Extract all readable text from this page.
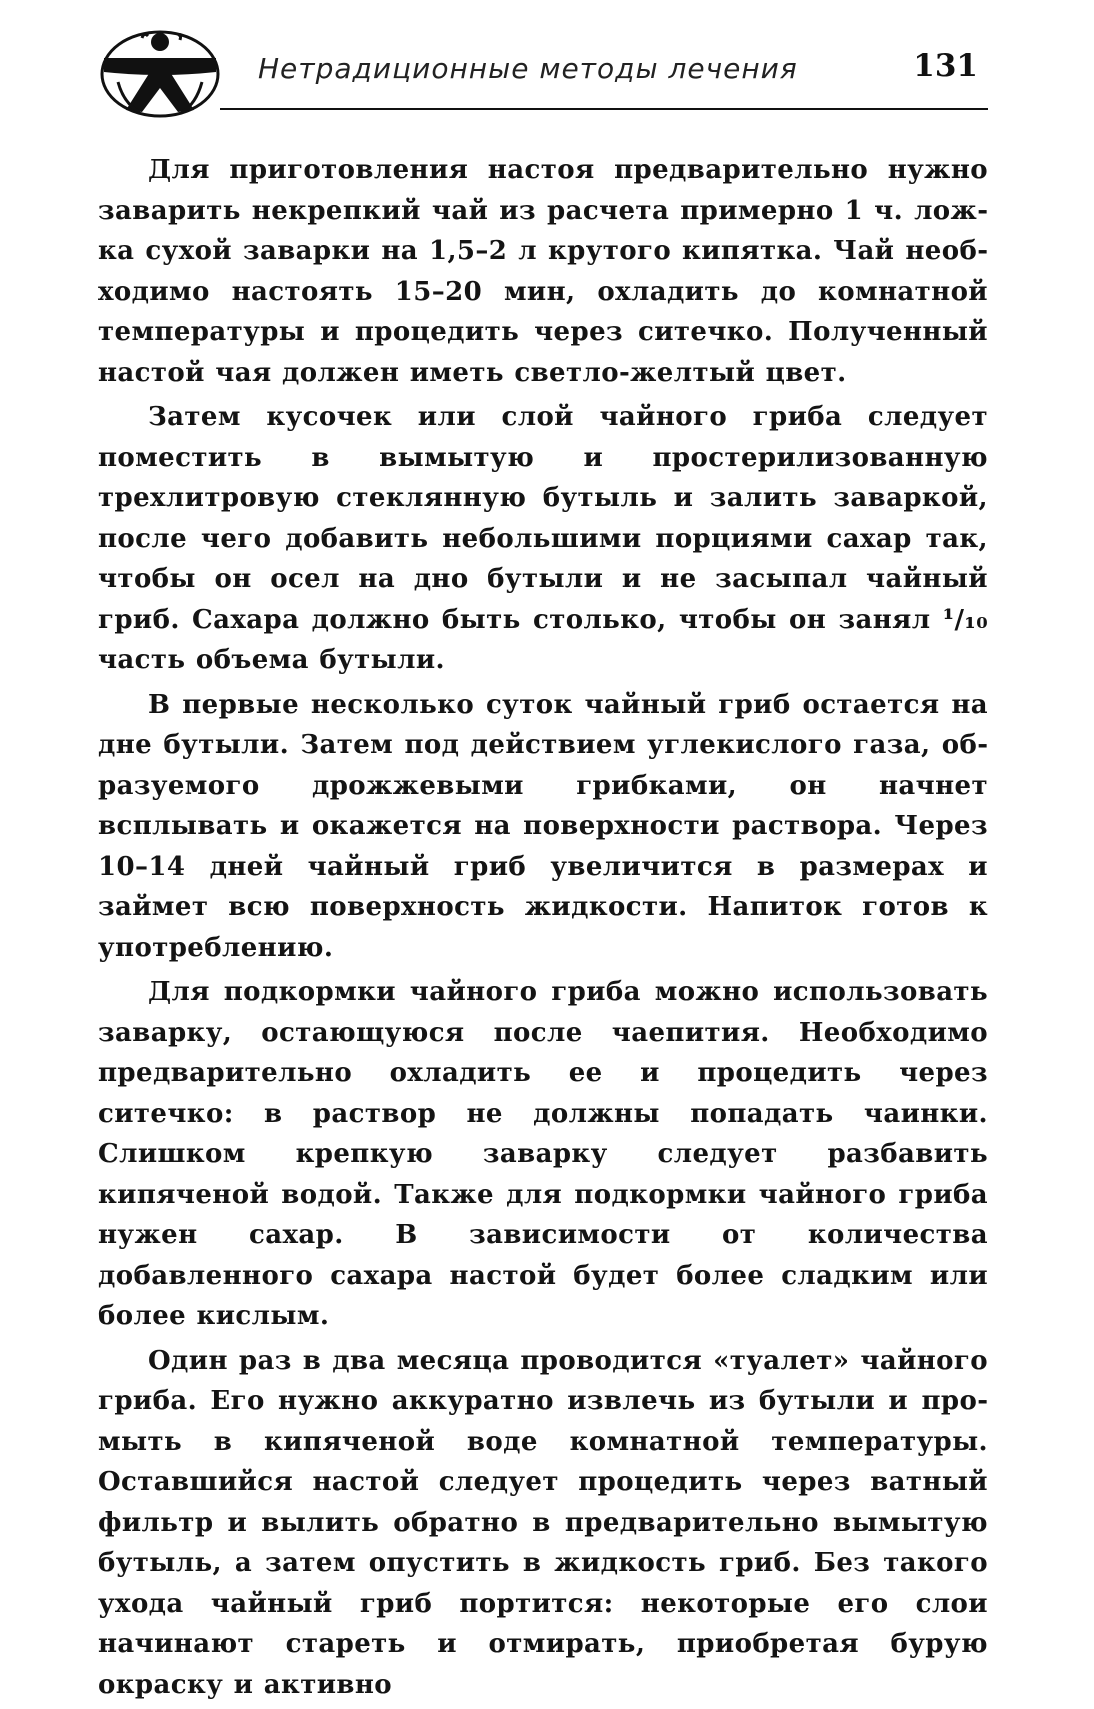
Нетрадиционные методы лечения	131

Для приготовления настоя предварительно нужно заварить некрепкий чай из расчета примерно 1 ч. ложка сухой заварки на 1,5–2 л крутого кипятка. Чай необходимо настоять 15–20 мин, охладить до комнатной температуры и процедить через ситечко. Полученный настой чая должен иметь светло-желтый цвет.

Затем кусочек или слой чайного гриба следует поместить в вымытую и простерилизованную трехлитровую стеклянную бутыль и залить заваркой, после чего добавить небольшими порциями сахар так, чтобы он осел на дно бутыли и не засыпал чайный гриб. Сахара должно быть столько, чтобы он занял ¹/₁₀ часть объема бутыли.

В первые несколько суток чайный гриб остается на дне бутыли. Затем под действием углекислого газа, образуемого дрожжевыми грибками, он начнет всплывать и окажется на поверхности раствора. Через 10–14 дней чайный гриб увеличится в размерах и займет всю поверхность жидкости. Напиток готов к употреблению.

Для подкормки чайного гриба можно использовать заварку, остающуюся после чаепития. Необходимо предварительно охладить ее и процедить через ситечко: в раствор не должны попадать чаинки. Слишком крепкую заварку следует разбавить кипяченой водой. Также для подкормки чайного гриба нужен сахар. В зависимости от количества добавленного сахара настой будет более сладким или более кислым.

Один раз в два месяца проводится «туалет» чайного гриба. Его нужно аккуратно извлечь из бутыли и промыть в кипяченой воде комнатной температуры. Оставшийся настой следует процедить через ватный фильтр и вылить обратно в предварительно вымытую бутыль, а затем опустить в жидкость гриб. Без такого ухода чайный гриб портится: некоторые его слои начинают стареть и отмирать, приобретая бурую окраску и активно
